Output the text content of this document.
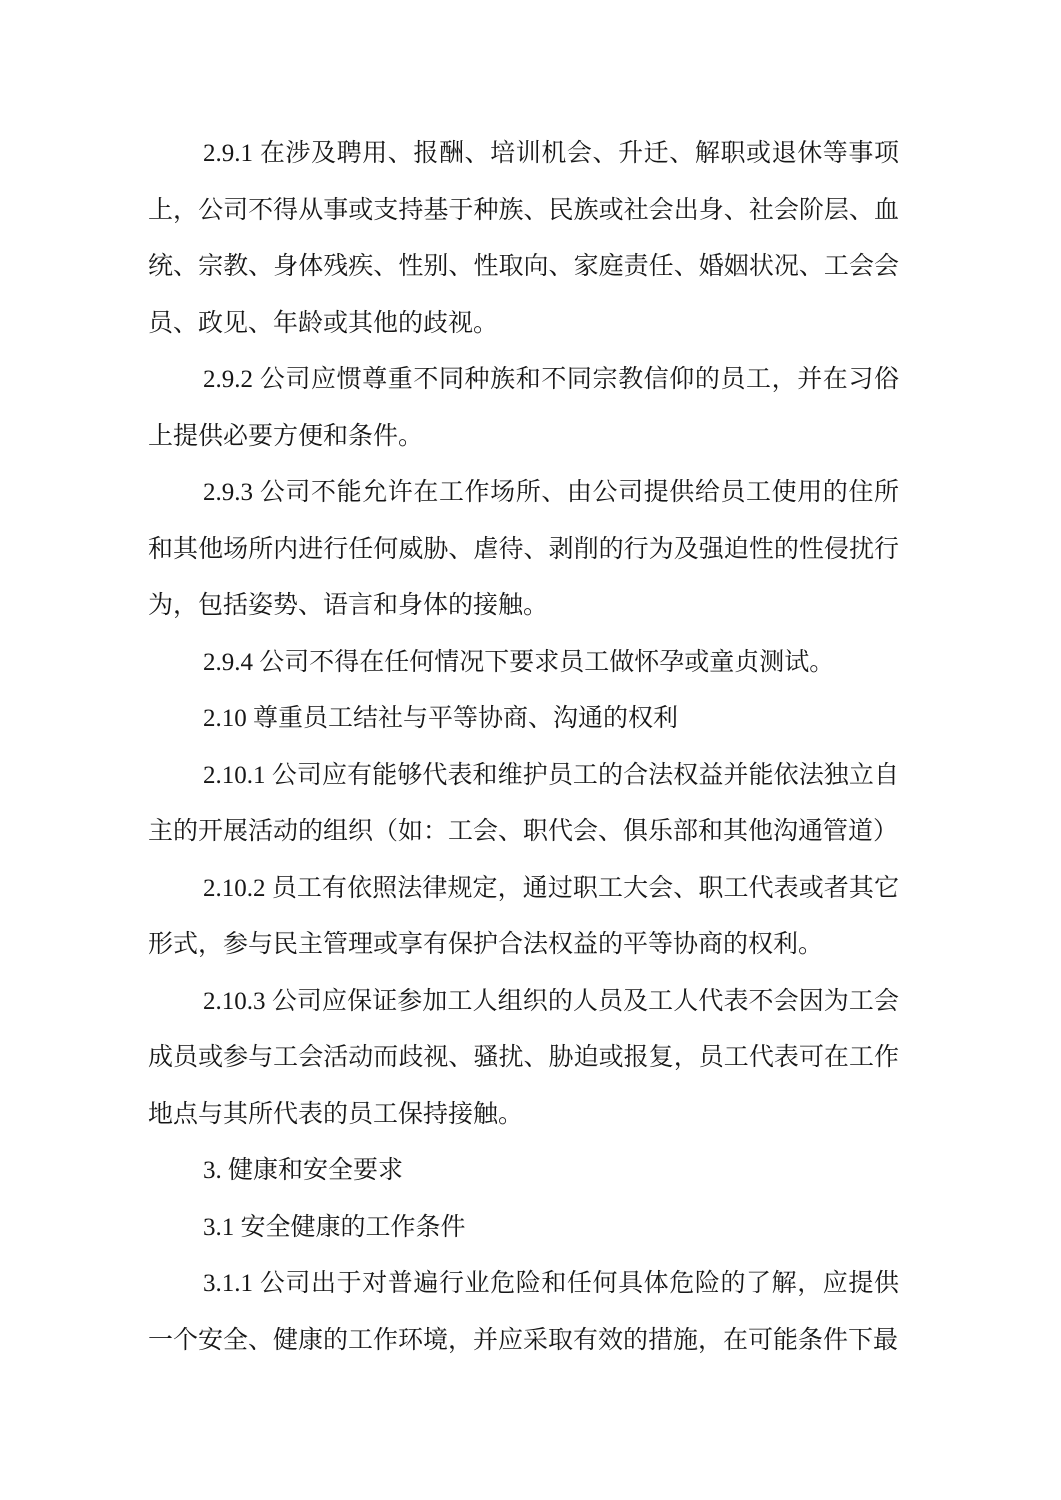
2.9.1 在涉及聘用、报酬、培训机会、升迁、解职或退休等事项上，公司不得从事或支持基于种族、民族或社会出身、社会阶层、血统、宗教、身体残疾、性别、性取向、家庭责任、婚姻状况、工会会员、政见、年龄或其他的歧视。

2.9.2 公司应惯尊重不同种族和不同宗教信仰的员工，并在习俗上提供必要方便和条件。

2.9.3 公司不能允许在工作场所、由公司提供给员工使用的住所和其他场所内进行任何威胁、虐待、剥削的行为及强迫性的性侵扰行为，包括姿势、语言和身体的接触。

2.9.4 公司不得在任何情况下要求员工做怀孕或童贞测试。

2.10 尊重员工结社与平等协商、沟通的权利

2.10.1 公司应有能够代表和维护员工的合法权益并能依法独立自主的开展活动的组织（如：工会、职代会、俱乐部和其他沟通管道）

2.10.2 员工有依照法律规定，通过职工大会、职工代表或者其它形式，参与民主管理或享有保护合法权益的平等协商的权利。

2.10.3 公司应保证参加工人组织的人员及工人代表不会因为工会成员或参与工会活动而歧视、骚扰、胁迫或报复，员工代表可在工作地点与其所代表的员工保持接触。

3. 健康和安全要求

3.1 安全健康的工作条件

3.1.1 公司出于对普遍行业危险和任何具体危险的了解，应提供一个安全、健康的工作环境，并应采取有效的措施，在可能条件下最
